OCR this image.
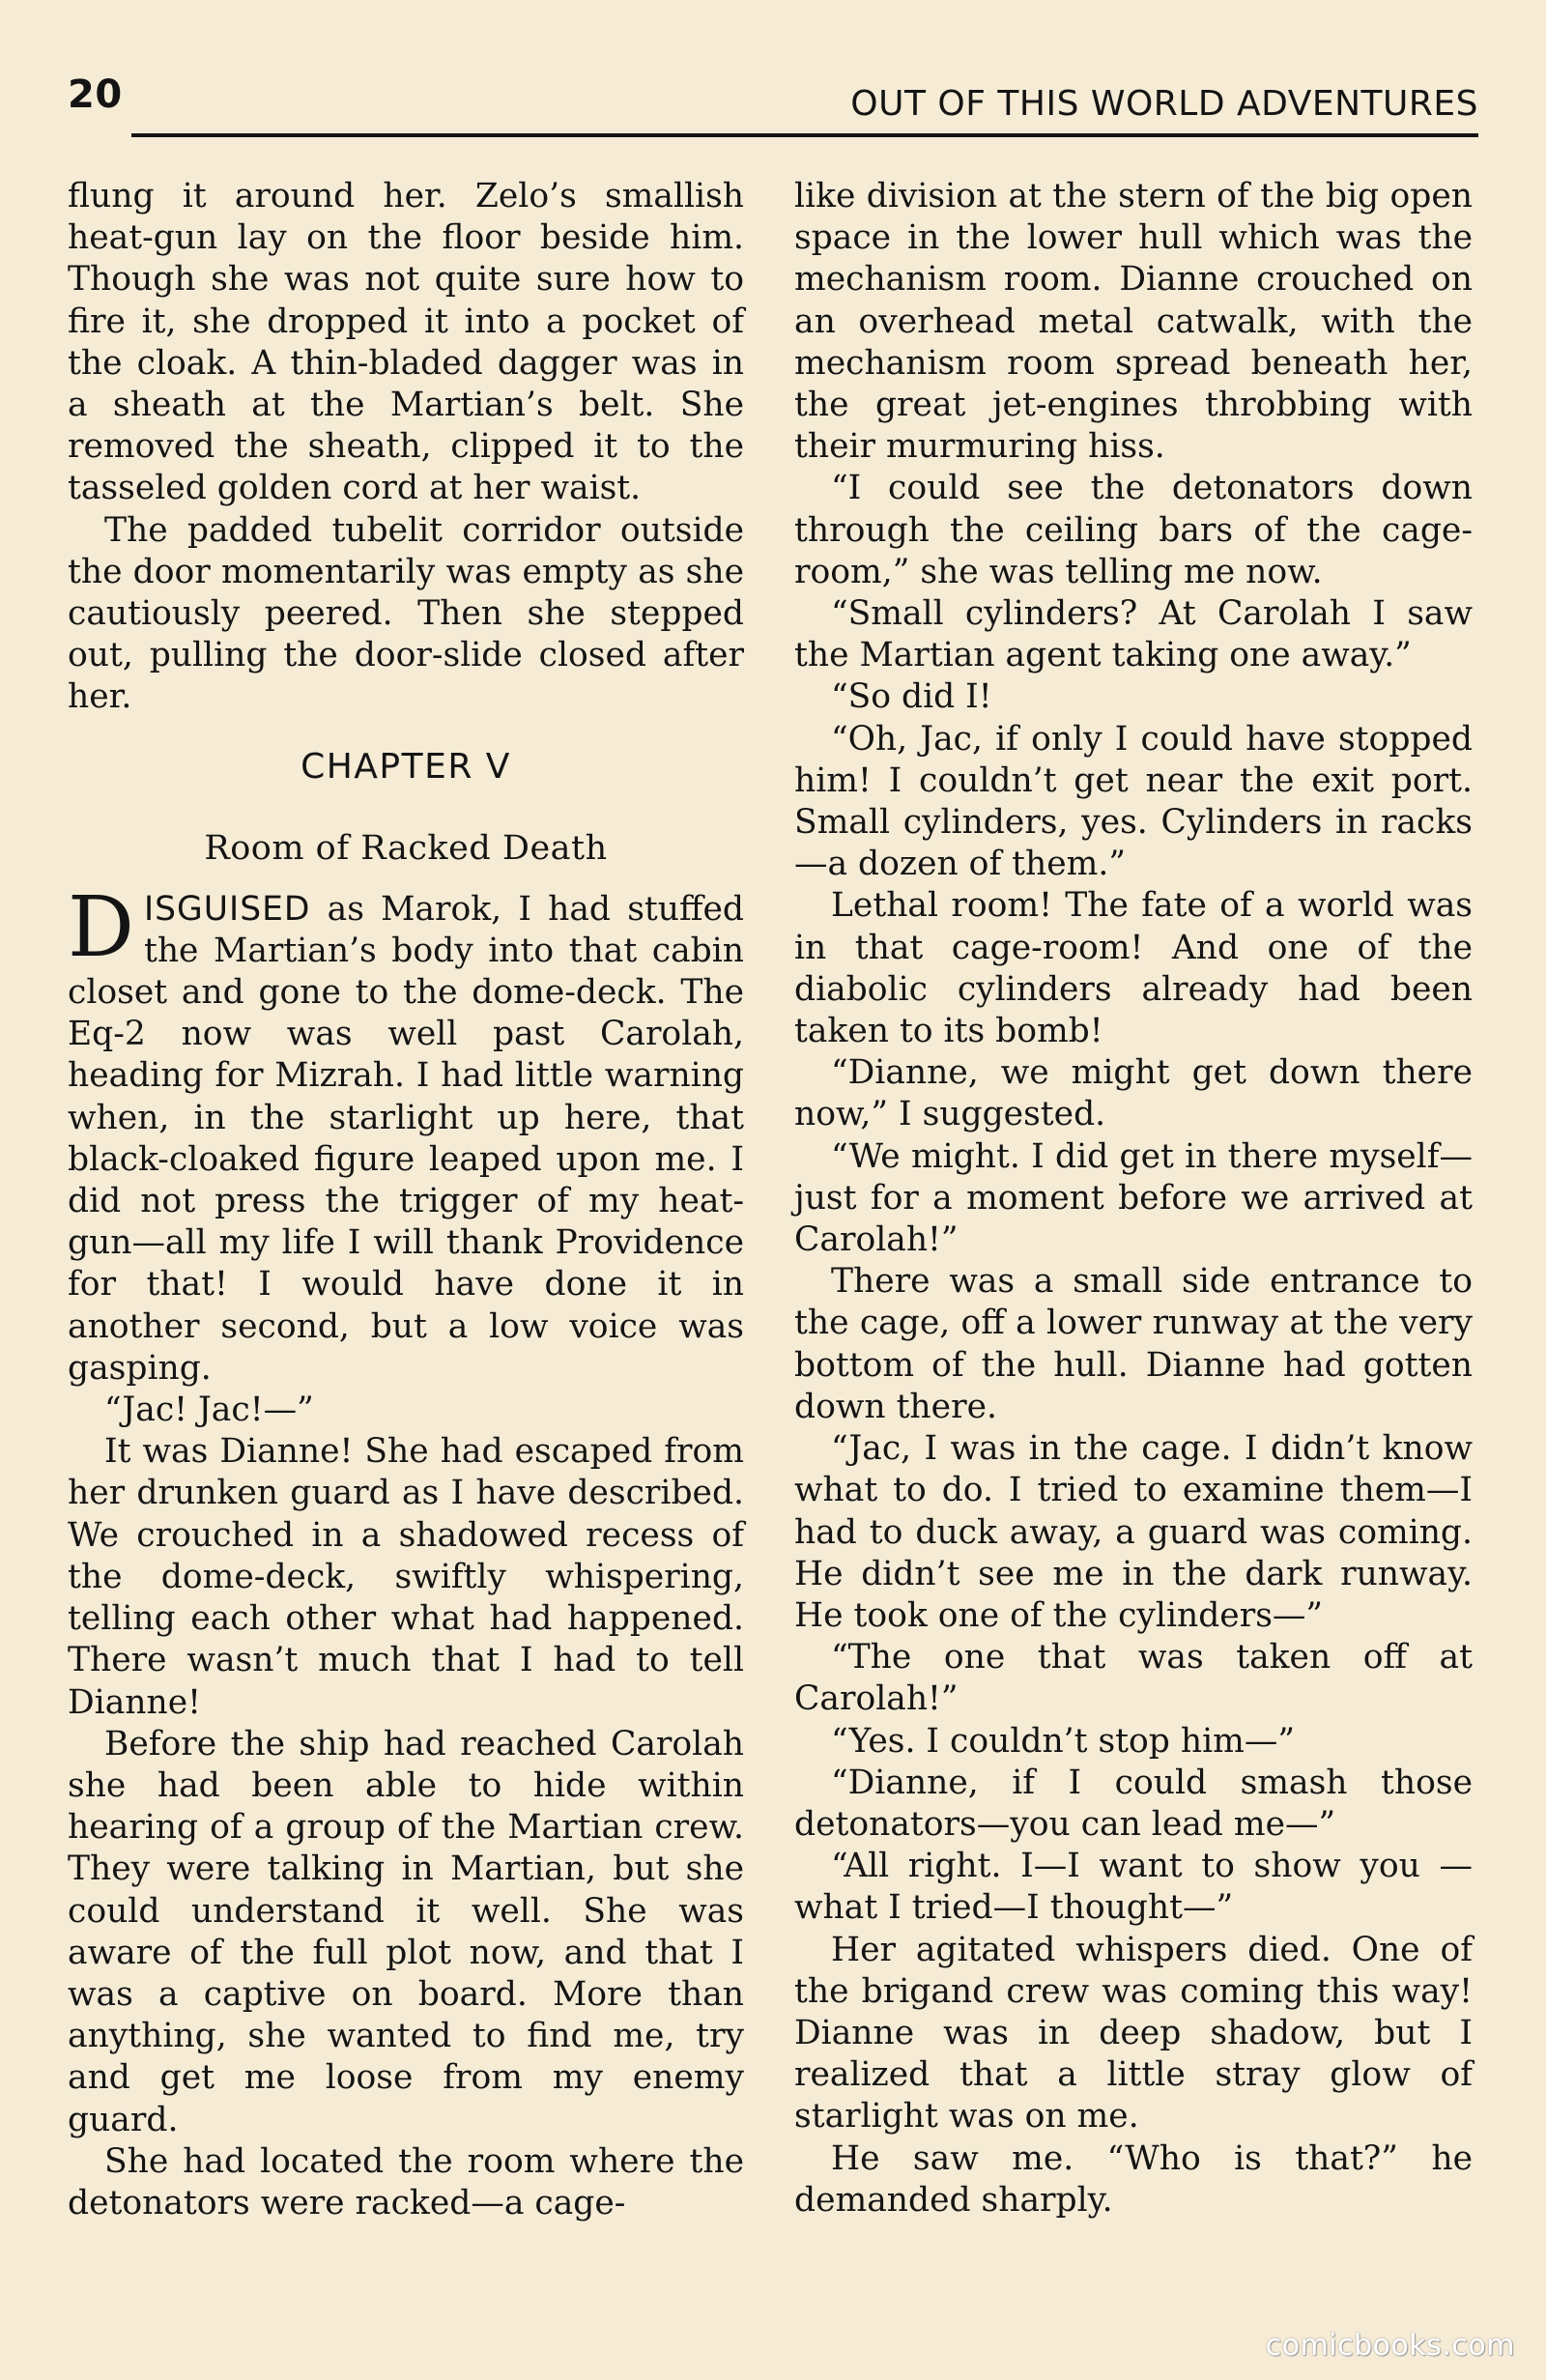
20	OUT OF THIS WORLD ADVENTURES

flung it around her. Zelo’s smallish heat-gun lay on the floor beside him. Though she was not quite sure how to fire it, she dropped it into a pocket of the cloak. A thin-bladed dagger was in a sheath at the Martian’s belt. She removed the sheath, clipped it to the tasseled golden cord at her waist.

The padded tubelit corridor outside the door momentarily was empty as she cautiously peered. Then she stepped out, pulling the door-slide closed after her.

CHAPTER V
Room of Racked Death

DISGUISED as Marok, I had stuffed the Martian’s body into that cabin closet and gone to the dome-deck. The Eq-2 now was well past Carolah, heading for Mizrah. I had little warning when, in the starlight up here, that black-cloaked figure leaped upon me. I did not press the trigger of my heat-gun—all my life I will thank Providence for that! I would have done it in another second, but a low voice was gasping.

“Jac! Jac!—”

It was Dianne! She had escaped from her drunken guard as I have described. We crouched in a shadowed recess of the dome-deck, swiftly whispering, telling each other what had happened. There wasn’t much that I had to tell Dianne!

Before the ship had reached Carolah she had been able to hide within hearing of a group of the Martian crew. They were talking in Martian, but she could understand it well. She was aware of the full plot now, and that I was a captive on board. More than anything, she wanted to find me, try and get me loose from my enemy guard.

She had located the room where the detonators were racked—a cage-

like division at the stern of the big open space in the lower hull which was the mechanism room. Dianne crouched on an overhead metal catwalk, with the mechanism room spread beneath her, the great jet-engines throbbing with their murmuring hiss.

“I could see the detonators down through the ceiling bars of the cage-room,” she was telling me now.

“Small cylinders? At Carolah I saw the Martian agent taking one away.”

“So did I!

“Oh, Jac, if only I could have stopped him! I couldn’t get near the exit port. Small cylinders, yes. Cylinders in racks—a dozen of them.”

Lethal room! The fate of a world was in that cage-room! And one of the diabolic cylinders already had been taken to its bomb!

“Dianne, we might get down there now,” I suggested.

“We might. I did get in there myself—just for a moment before we arrived at Carolah!”

There was a small side entrance to the cage, off a lower runway at the very bottom of the hull. Dianne had gotten down there.

“Jac, I was in the cage. I didn’t know what to do. I tried to examine them—I had to duck away, a guard was coming. He didn’t see me in the dark runway. He took one of the cylinders—”

“The one that was taken off at Carolah!”

“Yes. I couldn’t stop him—”

“Dianne, if I could smash those detonators—you can lead me—”

“All right. I—I want to show you —what I tried—I thought—”

Her agitated whispers died. One of the brigand crew was coming this way! Dianne was in deep shadow, but I realized that a little stray glow of starlight was on me.

He saw me. “Who is that?” he demanded sharply.

comicbooks.com
